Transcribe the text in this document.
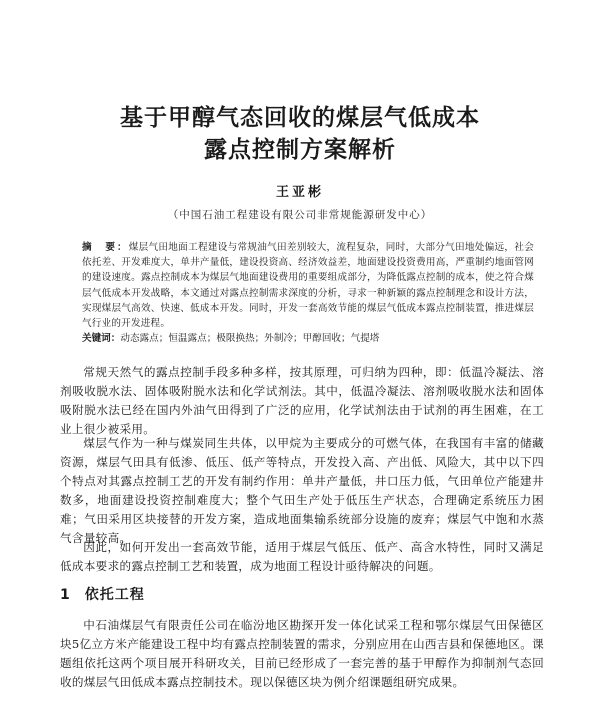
基于甲醇气态回收的煤层气低成本
露点控制方案解析
王亚彬
（中国石油工程建设有限公司非常规能源研发中心）
摘　要：煤层气田地面工程建设与常规油气田差别较大，流程复杂，同时，大部分气田地处偏远，社会依托差、开发难度大，单井产量低，建设投资高、经济效益差，地面建设投资费用高，严重制约地面管网的建设速度。露点控制成本为煤层气地面建设费用的重要组成部分，为降低露点控制的成本，使之符合煤层气低成本开发战略，本文通过对露点控制需求深度的分析，寻求一种新颖的露点控制理念和设计方法，实现煤层气高效、快速、低成本开发。同时，开发一套高效节能的煤层气低成本露点控制装置，推进煤层气行业的开发进程。
关键词：动态露点；恒温露点；极限换热；外制冷；甲醇回收；气提塔
常规天然气的露点控制手段多种多样，按其原理，可归纳为四种，即：低温冷凝法、溶剂吸收脱水法、固体吸附脱水法和化学试剂法。其中，低温冷凝法、溶剂吸收脱水法和固体吸附脱水法已经在国内外油气田得到了广泛的应用，化学试剂法由于试剂的再生困难，在工业上很少被采用。
煤层气作为一种与煤炭同生共体，以甲烷为主要成分的可燃气体，在我国有丰富的储藏资源，煤层气田具有低渗、低压、低产等特点，开发投入高、产出低、风险大，其中以下四个特点对其露点控制工艺的开发有制约作用：单井产量低，井口压力低，气田单位产能建井数多，地面建设投资控制难度大；整个气田生产处于低压生产状态，合理确定系统压力困难；气田采用区块接替的开发方案，造成地面集输系统部分设施的废弃；煤层气中饱和水蒸气含量较高。
因此，如何开发出一套高效节能，适用于煤层气低压、低产、高含水特性，同时又满足低成本要求的露点控制工艺和装置，成为地面工程设计亟待解决的问题。
1 依托工程
中石油煤层气有限责任公司在临汾地区勘探开发一体化试采工程和鄂尔煤层气田保德区块5亿立方米产能建设工程中均有露点控制装置的需求，分别应用在山西吉县和保德地区。课题组依托这两个项目展开科研攻关，目前已经形成了一套完善的基于甲醇作为抑制剂气态回收的煤层气田低成本露点控制技术。现以保德区块为例介绍课题组研究成果。
